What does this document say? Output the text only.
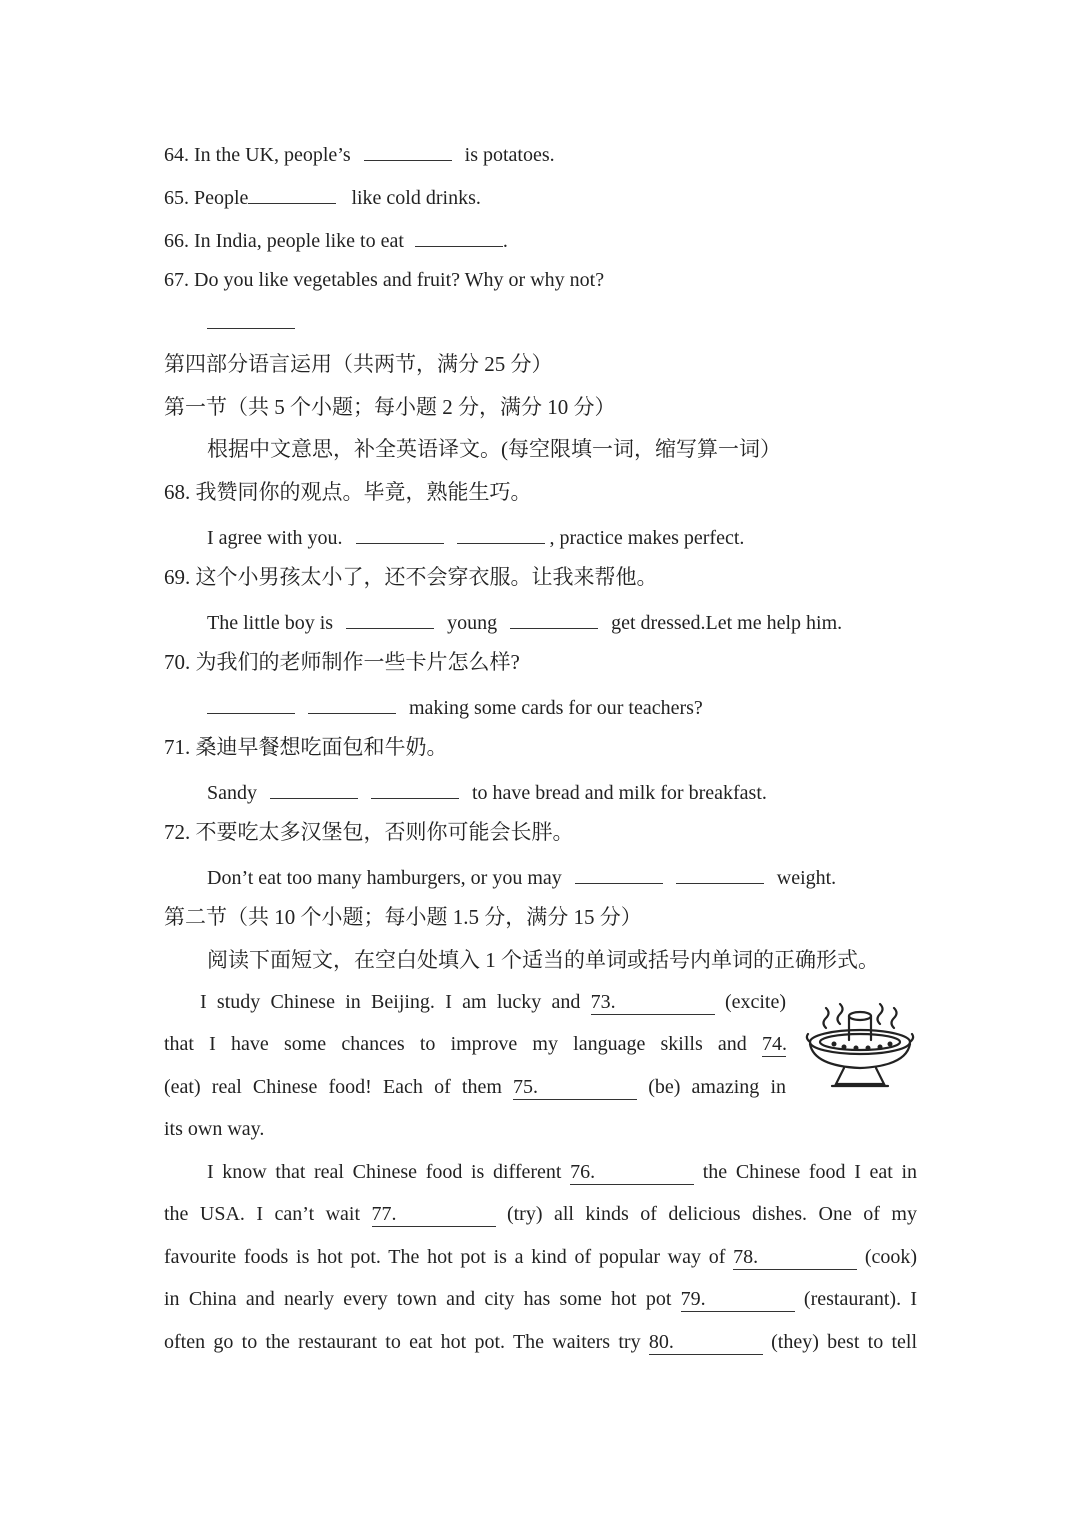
64. In the UK, people’s	is potatoes.
65. People	like cold drinks.
66. In India, people like to eat	.
67. Do you like vegetables and fruit? Why or why not?
第四部分语言运用（共两节，满分 25 分）
第一节（共 5 个小题；每小题 2 分，满分 10 分）
根据中文意思，补全英语译文。(每空限填一词，缩写算一词）
68. 我赞同你的观点。毕竟，熟能生巧。
I agree with you.	, practice makes perfect.
69. 这个小男孩太小了，还不会穿衣服。让我来帮他。
The little boy is	young	get dressed.Let me help him.
70. 为我们的老师制作一些卡片怎么样?
making some cards for our teachers?
71. 桑迪早餐想吃面包和牛奶。
Sandy	to have bread and milk for breakfast.
72. 不要吃太多汉堡包，否则你可能会长胖。
Don’t eat too many hamburgers, or you may	weight.
第二节（共 10 个小题；每小题 1.5 分，满分 15 分）
阅读下面短文，在空白处填入 1 个适当的单词或括号内单词的正确形式。
I study Chinese in Beijing. I am lucky and 73.	(excite)
that I have some chances to improve my language skills and 74.
(eat) real Chinese food! Each of them 75.	(be) amazing in
its own way.
I know that real Chinese food is different 76.	the Chinese food I eat in
the USA. I can’t wait 77.	(try) all kinds of delicious dishes. One of my
favourite foods is hot pot. The hot pot is a kind of popular way of 78.	(cook)
in China and nearly every town and city has some hot pot 79.	(restaurant). I
often go to the restaurant to eat hot pot. The waiters try 80.	(they) best to tell
